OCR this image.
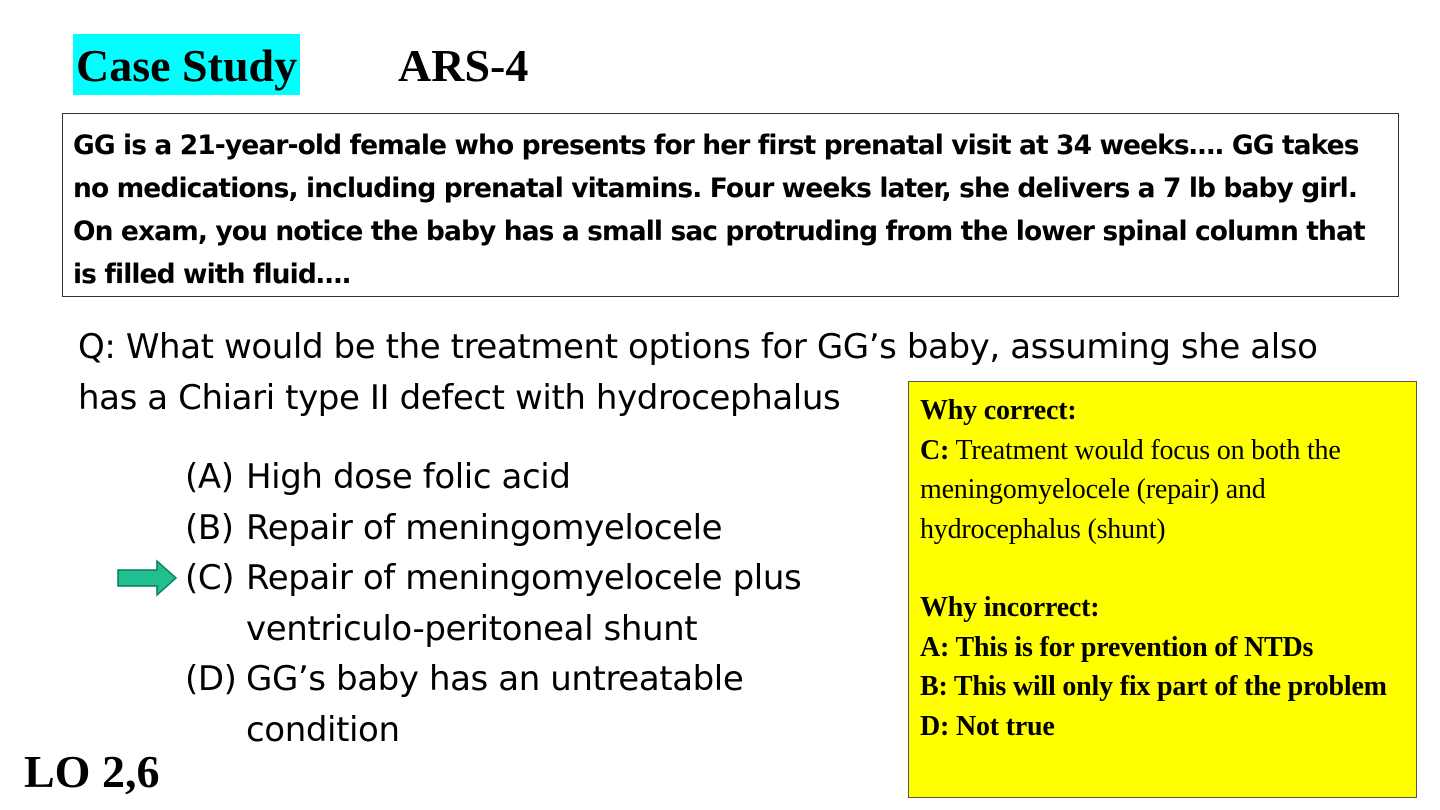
Case Study ARS-4
GG is a 21-year-old female who presents for her first prenatal visit at 34 weeks…. GG takes no medications, including prenatal vitamins. Four weeks later, she delivers a 7 lb baby girl. On exam, you notice the baby has a small sac protruding from the lower spinal column that is filled with fluid….
Q: What would be the treatment options for GG’s baby, assuming she also has a Chiari type II defect with hydrocephalus
(A) High dose folic acid
(B) Repair of meningomyelocele
(C) Repair of meningomyelocele plus ventriculo-peritoneal shunt
(D) GG’s baby has an untreatable condition
LO 2,6
Why correct:
C: Treatment would focus on both the meningomyelocele (repair) and hydrocephalus (shunt)
Why incorrect:
A: This is for prevention of NTDs
B: This will only fix part of the problem
D: Not true
